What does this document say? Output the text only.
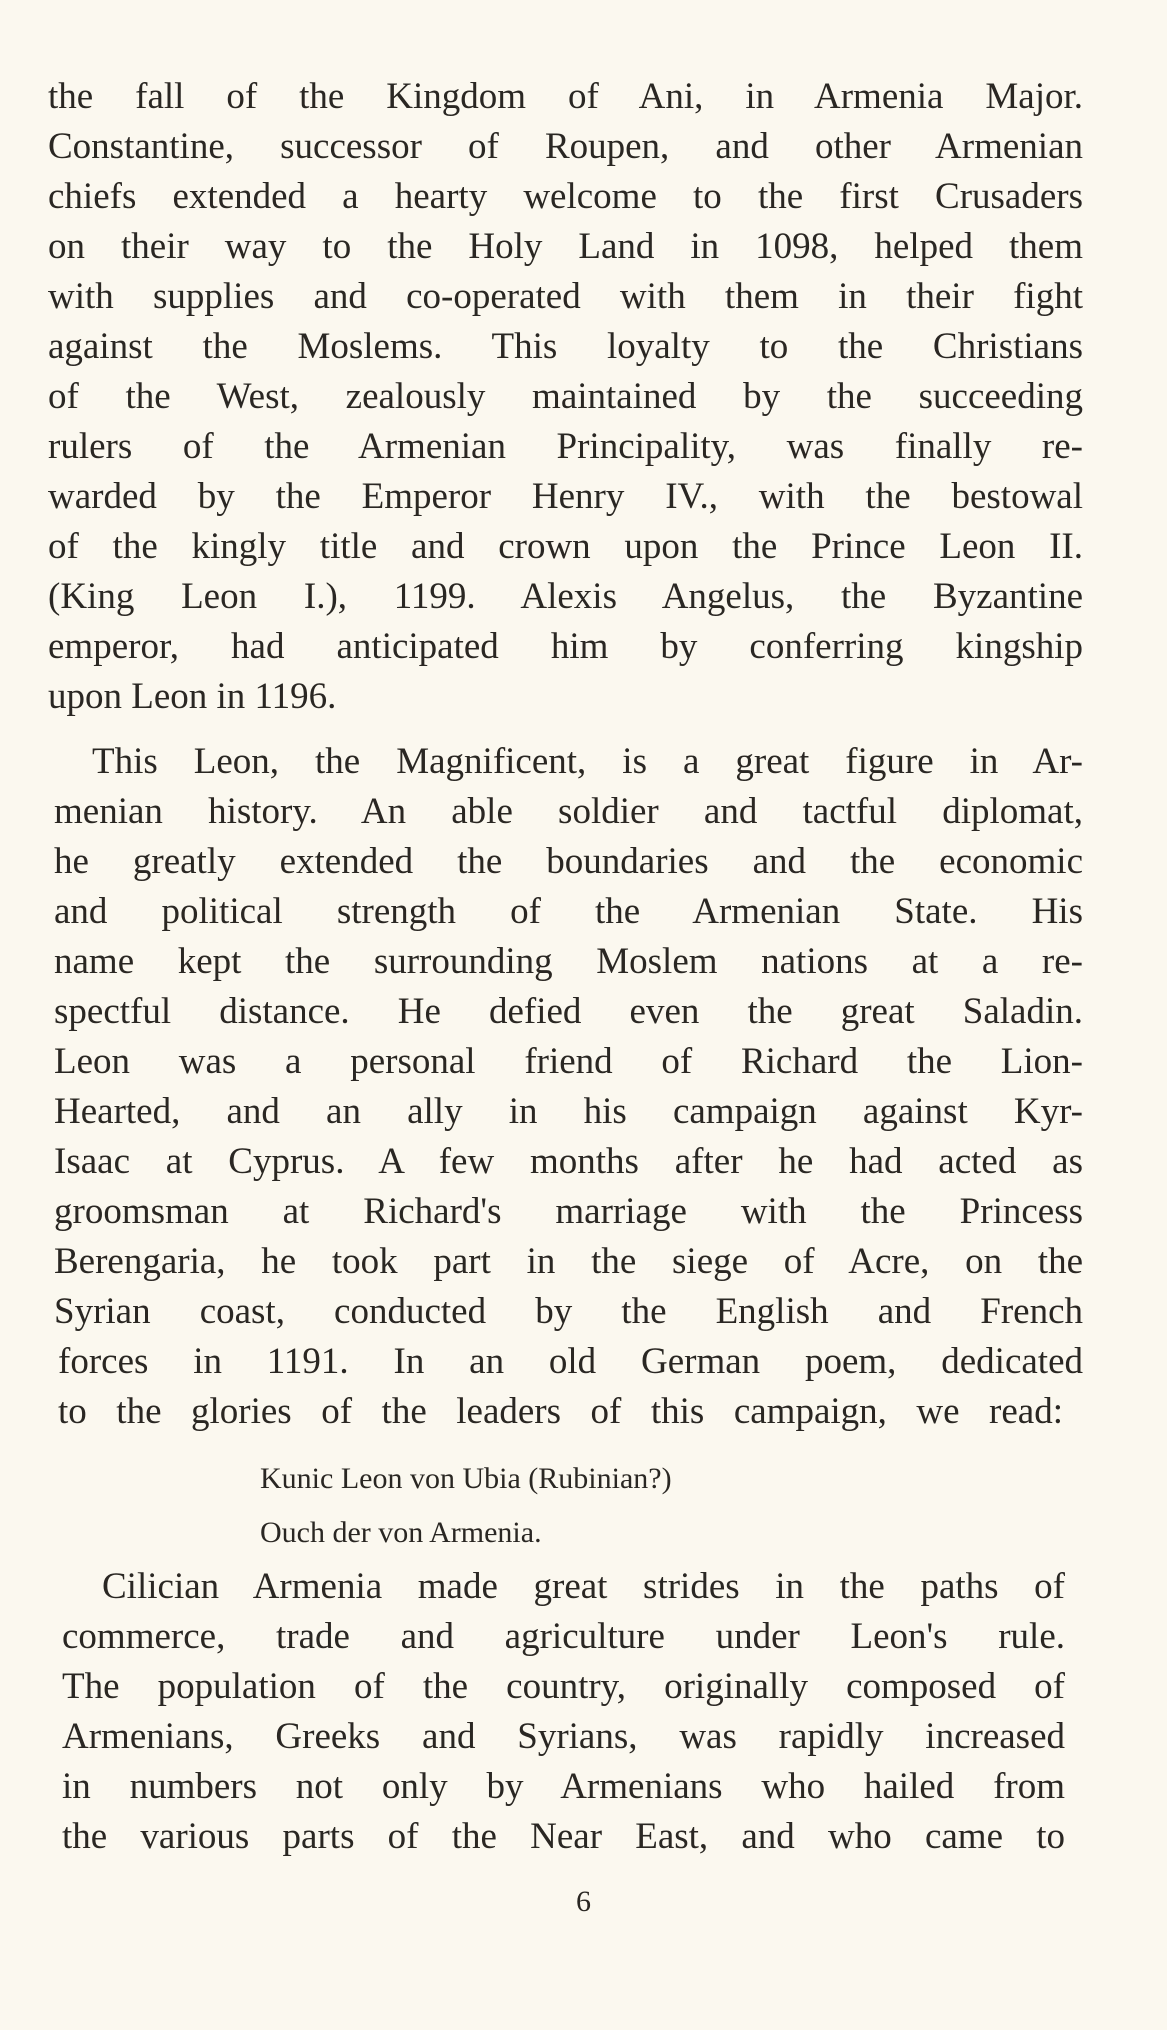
the fall of the Kingdom of Ani, in Armenia Major.
Constantine, successor of Roupen, and other Armenian
chiefs extended a hearty welcome to the first Crusaders
on their way to the Holy Land in 1098, helped them
with supplies and co-operated with them in their fight
against the Moslems. This loyalty to the Christians
of the West, zealously maintained by the succeeding
rulers of the Armenian Principality, was finally re-
warded by the Emperor Henry IV., with the bestowal
of the kingly title and crown upon the Prince Leon II.
(King Leon I.), 1199. Alexis Angelus, the Byzantine
emperor, had anticipated him by conferring kingship
upon Leon in 1196.
This Leon, the Magnificent, is a great figure in Ar-
menian history. An able soldier and tactful diplomat,
he greatly extended the boundaries and the economic
and political strength of the Armenian State. His
name kept the surrounding Moslem nations at a re-
spectful distance. He defied even the great Saladin.
Leon was a personal friend of Richard the Lion-
Hearted, and an ally in his campaign against Kyr-
Isaac at Cyprus. A few months after he had acted as
groomsman at Richard's marriage with the Princess
Berengaria, he took part in the siege of Acre, on the
Syrian coast, conducted by the English and French
forces in 1191. In an old German poem, dedicated
to the glories of the leaders of this campaign, we read:
Kunic Leon von Ubia (Rubinian?)
Ouch der von Armenia.
Cilician Armenia made great strides in the paths of
commerce, trade and agriculture under Leon's rule.
The population of the country, originally composed of
Armenians, Greeks and Syrians, was rapidly increased
in numbers not only by Armenians who hailed from
the various parts of the Near East, and who came to
6
